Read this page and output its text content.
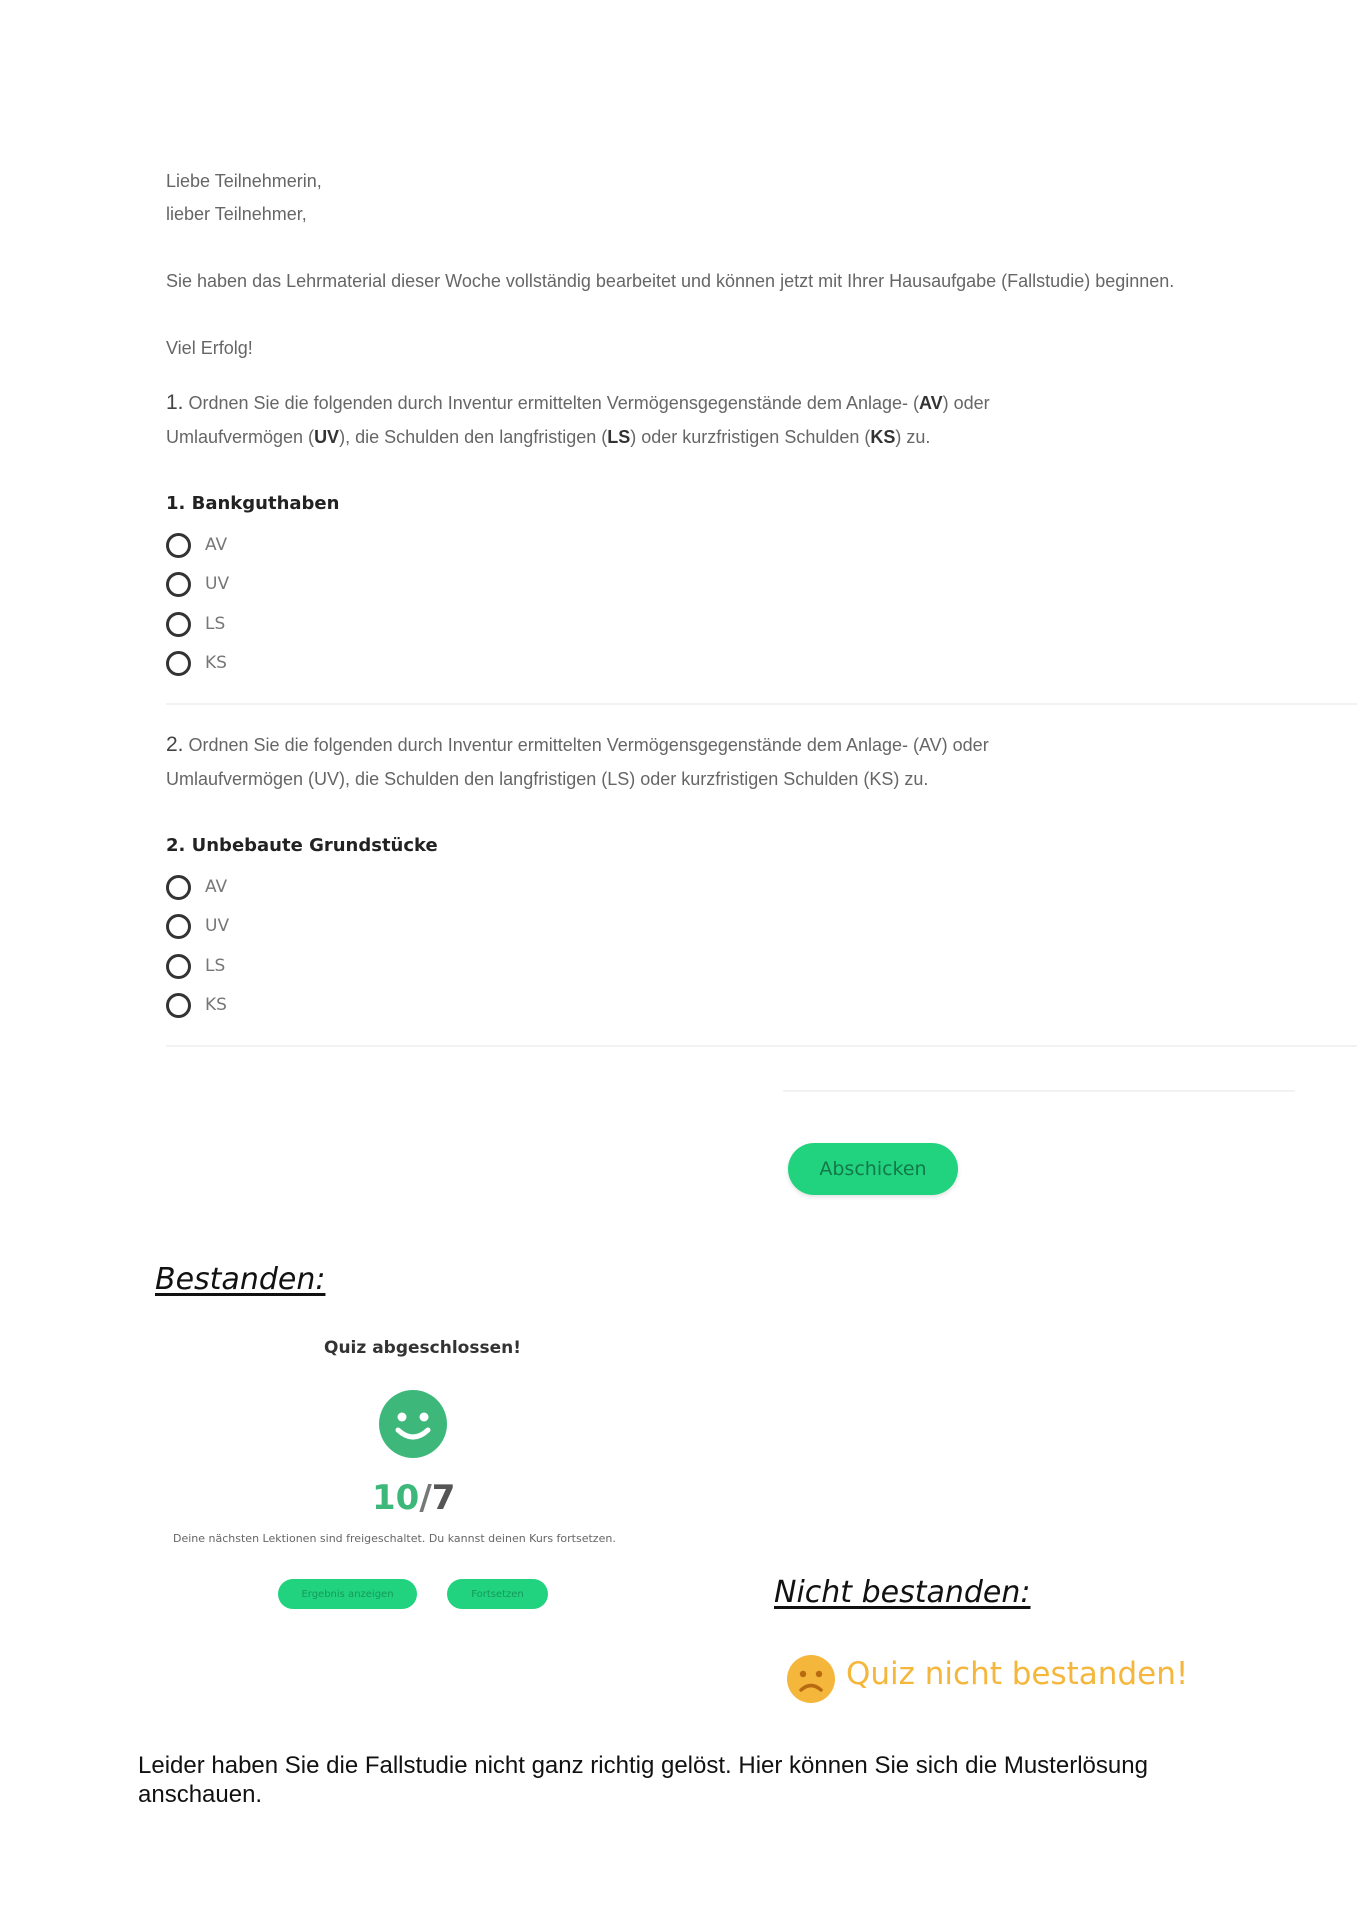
Liebe Teilnehmerin,
lieber Teilnehmer,
Sie haben das Lehrmaterial dieser Woche vollständig bearbeitet und können jetzt mit Ihrer Hausaufgabe (Fallstudie) beginnen.
Viel Erfolg!
1. Ordnen Sie die folgenden durch Inventur ermittelten Vermögensgegenstände dem Anlage- (AV) oder
Umlaufvermögen (UV), die Schulden den langfristigen (LS) oder kurzfristigen Schulden (KS) zu.
1. Bankguthaben
AV
UV
LS
KS
2. Ordnen Sie die folgenden durch Inventur ermittelten Vermögensgegenstände dem Anlage- (AV) oder
Umlaufvermögen (UV), die Schulden den langfristigen (LS) oder kurzfristigen Schulden (KS) zu.
2. Unbebaute Grundstücke
AV
UV
LS
KS
Abschicken
Bestanden:
Quiz abgeschlossen!
10/7
Deine nächsten Lektionen sind freigeschaltet. Du kannst deinen Kurs fortsetzen.
Ergebnis anzeigen	Fortsetzen	Nicht bestanden:
Quiz nicht bestanden!
Leider haben Sie die Fallstudie nicht ganz richtig gelöst. Hier können Sie sich die Musterlösung anschauen.
